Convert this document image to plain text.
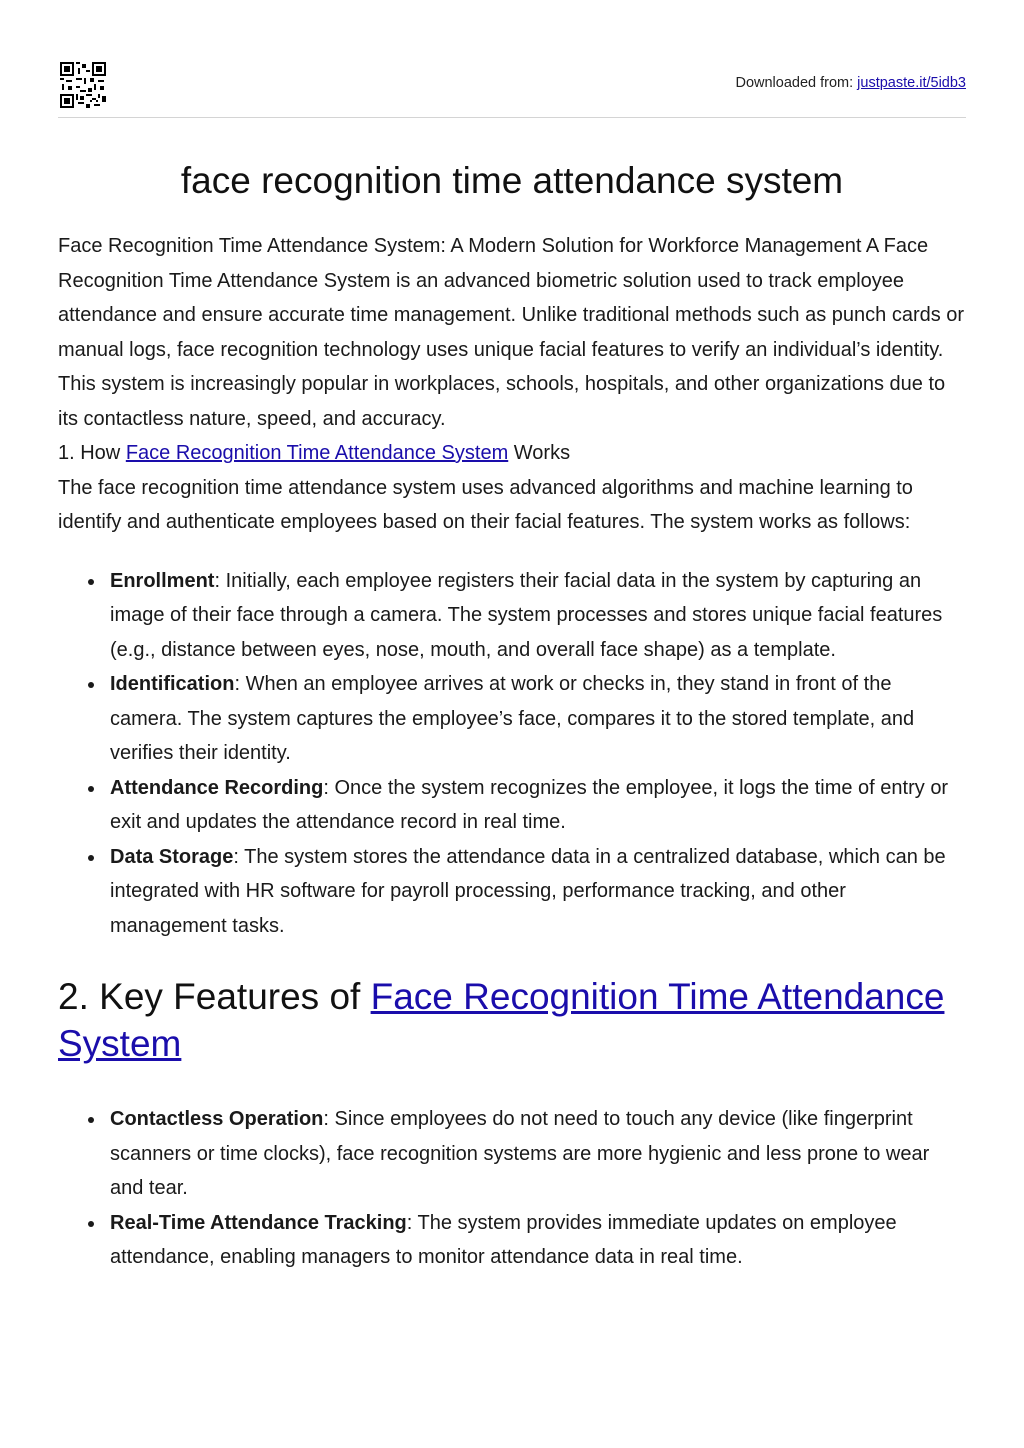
Downloaded from: justpaste.it/5idb3
face recognition time attendance system

Face Recognition Time Attendance System: A Modern Solution for Workforce Management A Face Recognition Time Attendance System is an advanced biometric solution used to track employee attendance and ensure accurate time management. Unlike traditional methods such as punch cards or manual logs, face recognition technology uses unique facial features to verify an individual’s identity. This system is increasingly popular in workplaces, schools, hospitals, and other organizations due to its contactless nature, speed, and accuracy.

1. How Face Recognition Time Attendance System Works

The face recognition time attendance system uses advanced algorithms and machine learning to identify and authenticate employees based on their facial features. The system works as follows:

Enrollment: Initially, each employee registers their facial data in the system by capturing an image of their face through a camera. The system processes and stores unique facial features (e.g., distance between eyes, nose, mouth, and overall face shape) as a template.
Identification: When an employee arrives at work or checks in, they stand in front of the camera. The system captures the employee’s face, compares it to the stored template, and verifies their identity.
Attendance Recording: Once the system recognizes the employee, it logs the time of entry or exit and updates the attendance record in real time.
Data Storage: The system stores the attendance data in a centralized database, which can be integrated with HR software for payroll processing, performance tracking, and other management tasks.
2. Key Features of Face Recognition Time Attendance System
Contactless Operation: Since employees do not need to touch any device (like fingerprint scanners or time clocks), face recognition systems are more hygienic and less prone to wear and tear.
Real-Time Attendance Tracking: The system provides immediate updates on employee attendance, enabling managers to monitor attendance data in real time.
